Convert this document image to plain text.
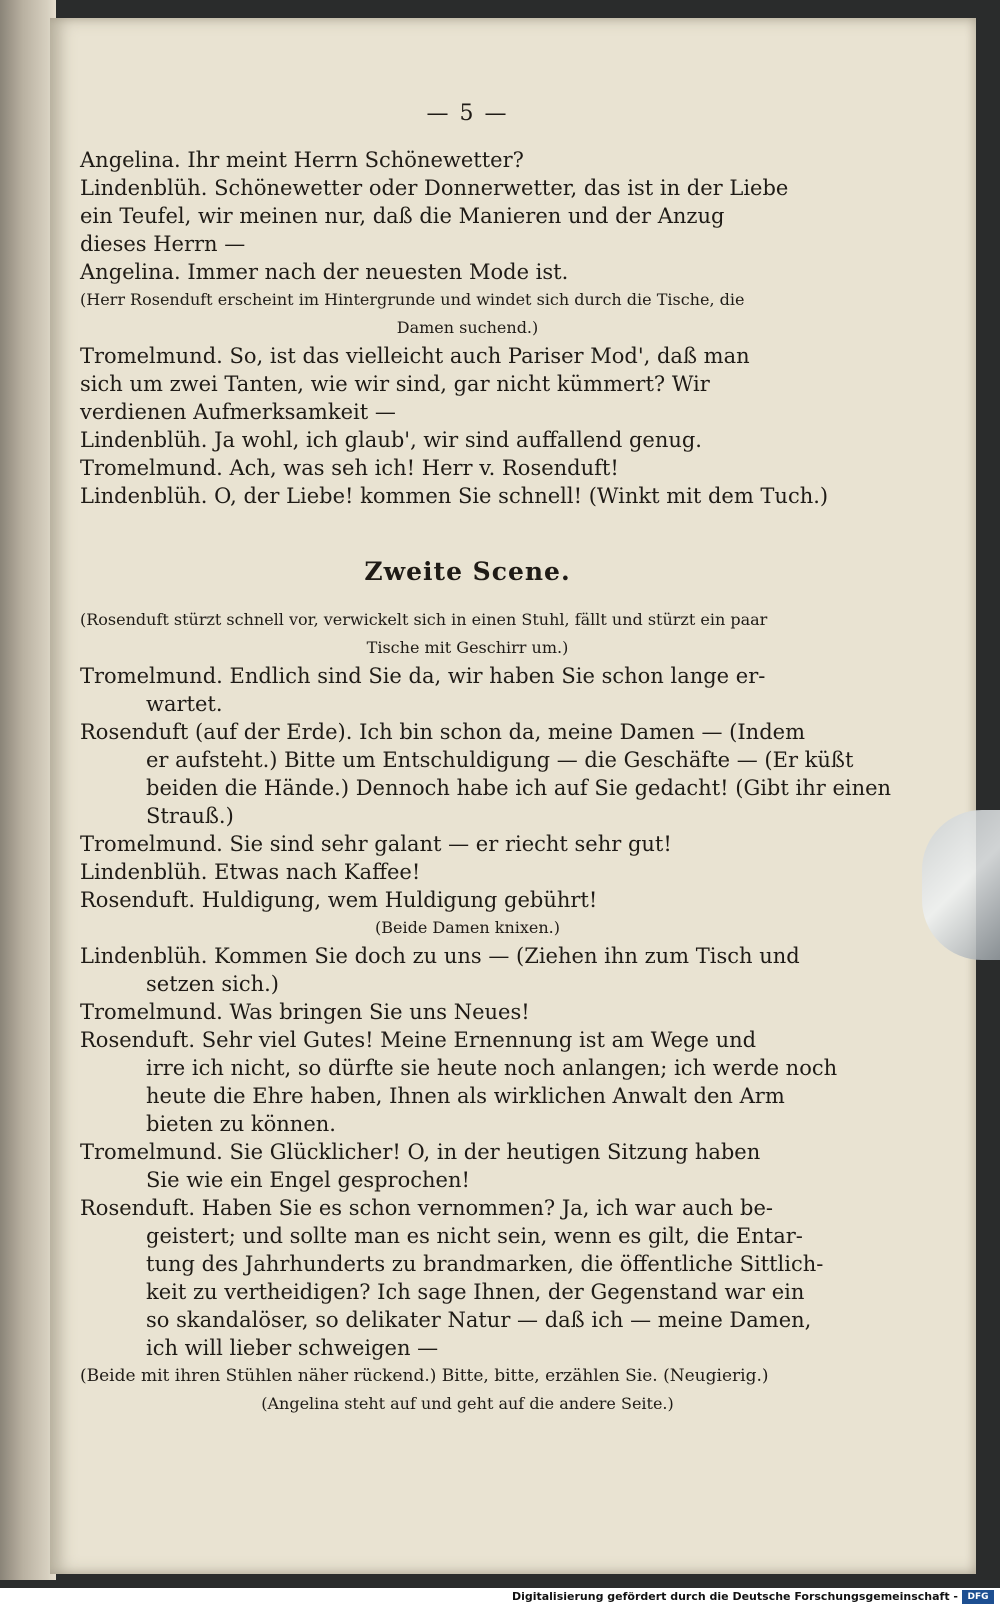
— 5 —
Angelina. Ihr meint Herrn Schönewetter?
Lindenblüh. Schönewetter oder Donnerwetter, das ist in der Liebe
ein Teufel, wir meinen nur, daß die Manieren und der Anzug
dieses Herrn —
Angelina. Immer nach der neuesten Mode ist.
(Herr Rosenduft erscheint im Hintergrunde und windet sich durch die Tische, die
Damen suchend.)
Tromelmund. So, ist das vielleicht auch Pariser Mod', daß man
sich um zwei Tanten, wie wir sind, gar nicht kümmert? Wir
verdienen Aufmerksamkeit —
Lindenblüh. Ja wohl, ich glaub', wir sind auffallend genug.
Tromelmund. Ach, was seh ich! Herr v. Rosenduft!
Lindenblüh. O, der Liebe! kommen Sie schnell! (Winkt mit dem Tuch.)
Zweite Scene.
(Rosenduft stürzt schnell vor, verwickelt sich in einen Stuhl, fällt und stürzt ein paar
Tische mit Geschirr um.)
Tromelmund. Endlich sind Sie da, wir haben Sie schon lange er-
wartet.
Rosenduft (auf der Erde). Ich bin schon da, meine Damen — (Indem
er aufsteht.) Bitte um Entschuldigung — die Geschäfte — (Er küßt
beiden die Hände.) Dennoch habe ich auf Sie gedacht! (Gibt ihr einen
Strauß.)
Tromelmund. Sie sind sehr galant — er riecht sehr gut!
Lindenblüh. Etwas nach Kaffee!
Rosenduft. Huldigung, wem Huldigung gebührt!
(Beide Damen knixen.)
Lindenblüh. Kommen Sie doch zu uns — (Ziehen ihn zum Tisch und
setzen sich.)
Tromelmund. Was bringen Sie uns Neues!
Rosenduft. Sehr viel Gutes! Meine Ernennung ist am Wege und
irre ich nicht, so dürfte sie heute noch anlangen; ich werde noch
heute die Ehre haben, Ihnen als wirklichen Anwalt den Arm
bieten zu können.
Tromelmund. Sie Glücklicher! O, in der heutigen Sitzung haben
Sie wie ein Engel gesprochen!
Rosenduft. Haben Sie es schon vernommen? Ja, ich war auch be-
geistert; und sollte man es nicht sein, wenn es gilt, die Entar-
tung des Jahrhunderts zu brandmarken, die öffentliche Sittlich-
keit zu vertheidigen? Ich sage Ihnen, der Gegenstand war ein
so skandalöser, so delikater Natur — daß ich — meine Damen,
ich will lieber schweigen —
(Beide mit ihren Stühlen näher rückend.) Bitte, bitte, erzählen Sie. (Neugierig.)
(Angelina steht auf und geht auf die andere Seite.)
Digitalisierung gefördert durch die Deutsche Forschungsgemeinschaft -	DFG
